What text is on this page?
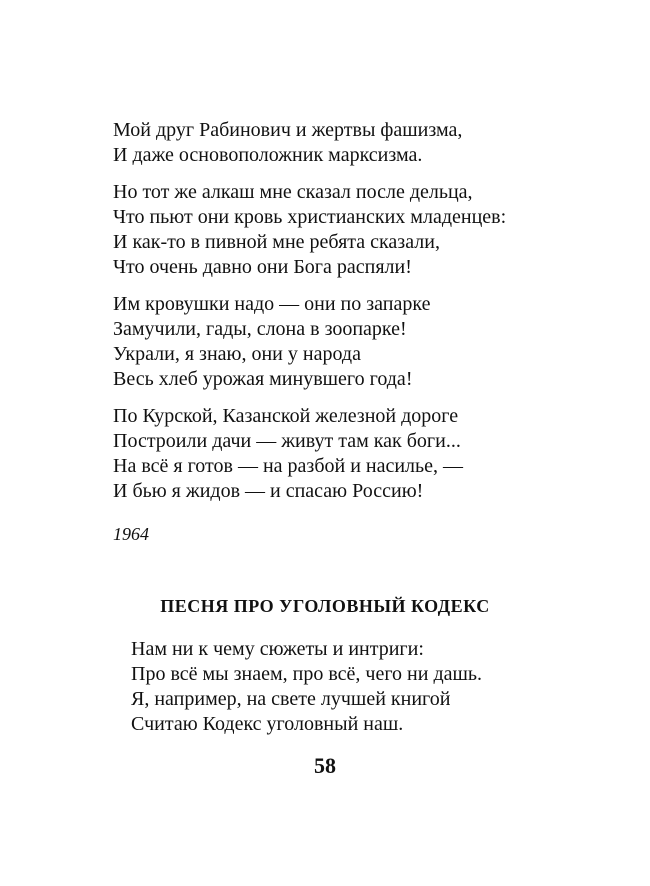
Мой друг Рабинович и жертвы фашизма,
И даже основоположник марксизма.
Но тот же алкаш мне сказал после дельца,
Что пьют они кровь христианских младенцев:
И как-то в пивной мне ребята сказали,
Что очень давно они Бога распяли!
Им кровушки надо — они по запарке
Замучили, гады, слона в зоопарке!
Украли, я знаю, они у народа
Весь хлеб урожая минувшего года!
По Курской, Казанской железной дороге
Построили дачи — живут там как боги...
На всё я готов — на разбой и насилье, —
И бью я жидов — и спасаю Россию!
1964
ПЕСНЯ ПРО УГОЛОВНЫЙ КОДЕКС
Нам ни к чему сюжеты и интриги:
Про всё мы знаем, про всё, чего ни дашь.
Я, например, на свете лучшей книгой
Считаю Кодекс уголовный наш.
58
